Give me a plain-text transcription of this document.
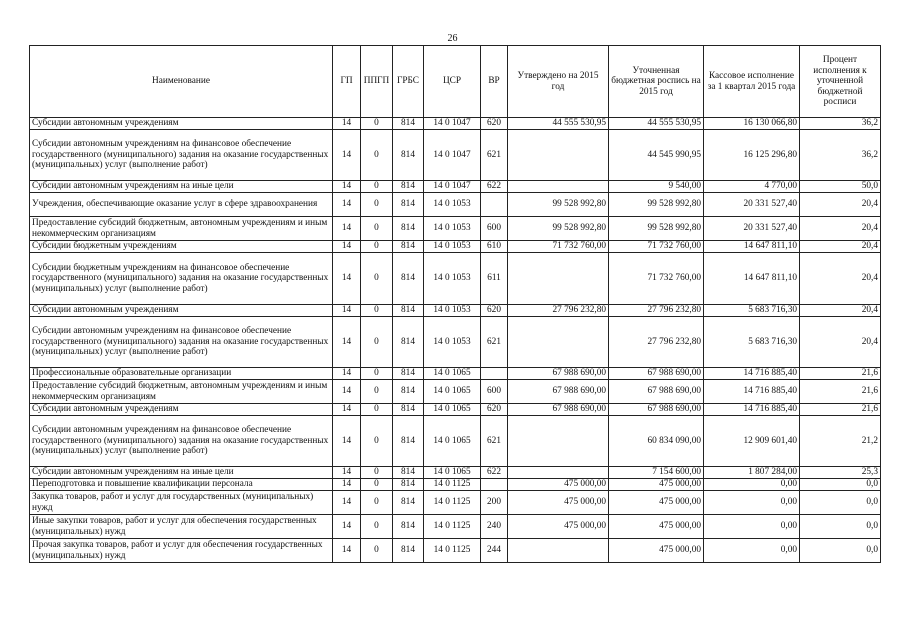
26
Наименование	ГП	ППГП	ГРБС	ЦСР	ВР	Утверждено на 2015 год	Уточненная бюджетная роспись на 2015 год	Кассовое исполнение за 1 квартал 2015 года	Процент исполнения к уточненной бюджетной росписи
Субсидии автономным учреждениям	14	0	814	14 0 1047	620	44 555 530,95	44 555 530,95	16 130 066,80	36,2
Субсидии автономным учреждениям на финансовое обеспечение государственного (муниципального) задания на оказание государственных (муниципальных) услуг (выполнение работ)	14	0	814	14 0 1047	621		44 545 990,95	16 125 296,80	36,2
Субсидии автономным учреждениям на иные цели	14	0	814	14 0 1047	622		9 540,00	4 770,00	50,0
Учреждения, обеспечивающие оказание услуг в сфере здравоохранения	14	0	814	14 0 1053		99 528 992,80	99 528 992,80	20 331 527,40	20,4
Предоставление субсидий бюджетным, автономным учреждениям и иным некоммерческим организациям	14	0	814	14 0 1053	600	99 528 992,80	99 528 992,80	20 331 527,40	20,4
Субсидии бюджетным учреждениям	14	0	814	14 0 1053	610	71 732 760,00	71 732 760,00	14 647 811,10	20,4
Субсидии бюджетным учреждениям на финансовое обеспечение государственного (муниципального) задания на оказание государственных (муниципальных) услуг (выполнение работ)	14	0	814	14 0 1053	611		71 732 760,00	14 647 811,10	20,4
Субсидии автономным учреждениям	14	0	814	14 0 1053	620	27 796 232,80	27 796 232,80	5 683 716,30	20,4
Субсидии автономным учреждениям на финансовое обеспечение государственного (муниципального) задания на оказание государственных (муниципальных) услуг (выполнение работ)	14	0	814	14 0 1053	621		27 796 232,80	5 683 716,30	20,4
Профессиональные образовательные организации	14	0	814	14 0 1065		67 988 690,00	67 988 690,00	14 716 885,40	21,6
Предоставление субсидий бюджетным, автономным учреждениям и иным некоммерческим организациям	14	0	814	14 0 1065	600	67 988 690,00	67 988 690,00	14 716 885,40	21,6
Субсидии автономным учреждениям	14	0	814	14 0 1065	620	67 988 690,00	67 988 690,00	14 716 885,40	21,6
Субсидии автономным учреждениям на финансовое обеспечение государственного (муниципального) задания на оказание государственных (муниципальных) услуг (выполнение работ)	14	0	814	14 0 1065	621		60 834 090,00	12 909 601,40	21,2
Субсидии автономным учреждениям на иные цели	14	0	814	14 0 1065	622		7 154 600,00	1 807 284,00	25,3
Переподготовка и повышение квалификации персонала	14	0	814	14 0 1125		475 000,00	475 000,00	0,00	0,0
Закупка товаров, работ и услуг для государственных (муниципальных) нужд	14	0	814	14 0 1125	200	475 000,00	475 000,00	0,00	0,0
Иные закупки товаров, работ и услуг для обеспечения государственных (муниципальных) нужд	14	0	814	14 0 1125	240	475 000,00	475 000,00	0,00	0,0
Прочая закупка товаров, работ и услуг для обеспечения государственных (муниципальных) нужд	14	0	814	14 0 1125	244		475 000,00	0,00	0,0
